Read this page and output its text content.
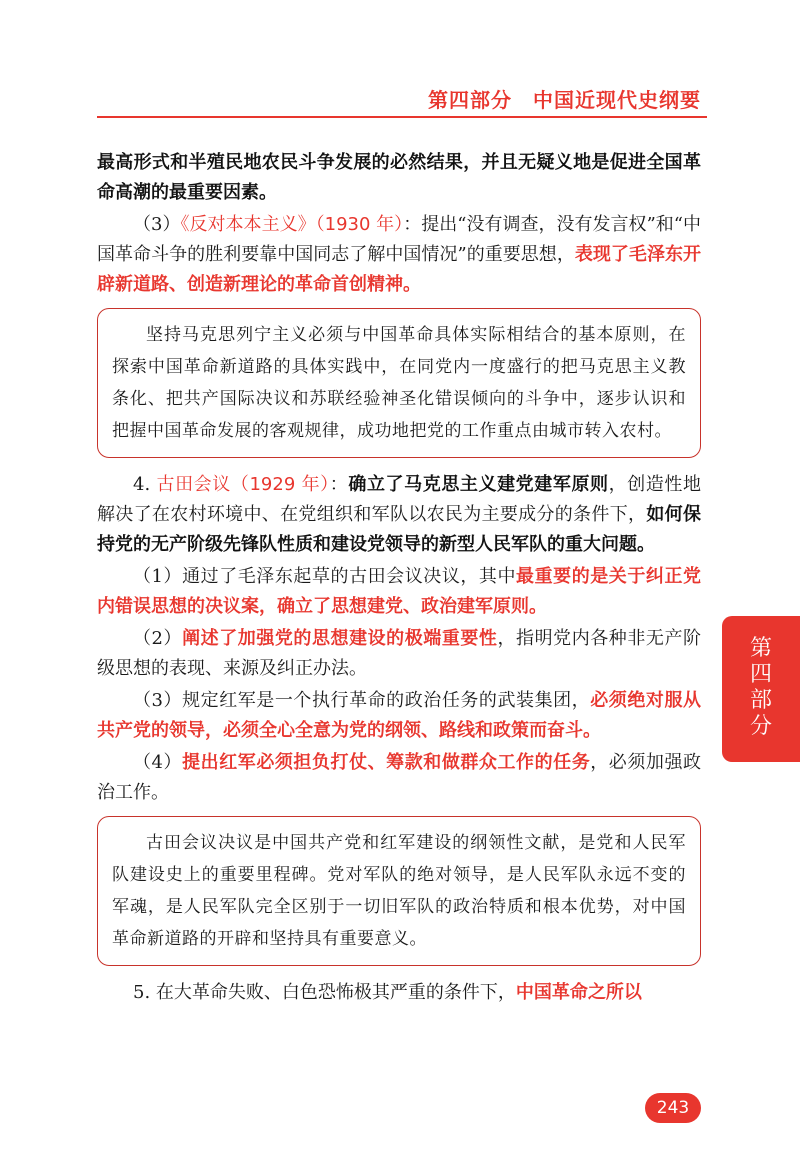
第四部分　中国近现代史纲要

最高形式和半殖民地农民斗争发展的必然结果，并且无疑义地是促进全国革命高潮的最重要因素。

（3）《反对本本主义》（1930 年）：提出“没有调查，没有发言权”和“中国革命斗争的胜利要靠中国同志了解中国情况”的重要思想，表现了毛泽东开辟新道路、创造新理论的革命首创精神。

坚持马克思列宁主义必须与中国革命具体实际相结合的基本原则，在探索中国革命新道路的具体实践中，在同党内一度盛行的把马克思主义教条化、把共产国际决议和苏联经验神圣化错误倾向的斗争中，逐步认识和把握中国革命发展的客观规律，成功地把党的工作重点由城市转入农村。

4. 古田会议（1929 年）：确立了马克思主义建党建军原则，创造性地解决了在农村环境中、在党组织和军队以农民为主要成分的条件下，如何保持党的无产阶级先锋队性质和建设党领导的新型人民军队的重大问题。

（1）通过了毛泽东起草的古田会议决议，其中最重要的是关于纠正党内错误思想的决议案，确立了思想建党、政治建军原则。

（2）阐述了加强党的思想建设的极端重要性，指明党内各种非无产阶级思想的表现、来源及纠正办法。

（3）规定红军是一个执行革命的政治任务的武装集团，必须绝对服从共产党的领导，必须全心全意为党的纲领、路线和政策而奋斗。

（4）提出红军必须担负打仗、筹款和做群众工作的任务，必须加强政治工作。

古田会议决议是中国共产党和红军建设的纲领性文献，是党和人民军队建设史上的重要里程碑。党对军队的绝对领导，是人民军队永远不变的军魂，是人民军队完全区别于一切旧军队的政治特质和根本优势，对中国革命新道路的开辟和坚持具有重要意义。

5. 在大革命失败、白色恐怖极其严重的条件下，中国革命之所以

第四部分
243
